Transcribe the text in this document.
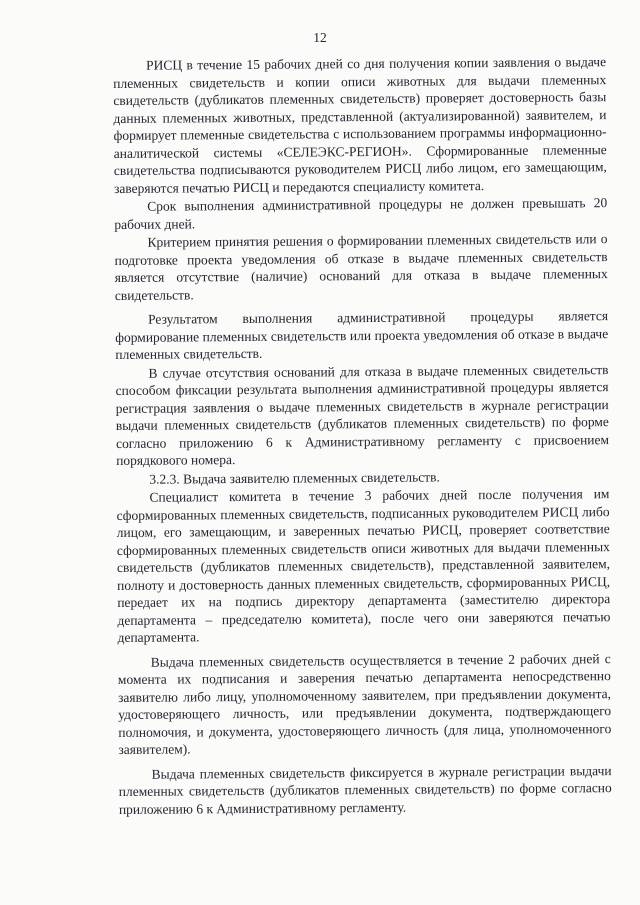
12

РИСЦ в течение 15 рабочих дней со дня получения копии заявления о выдаче племенных свидетельств и копии описи животных для выдачи племенных свидетельств (дубликатов племенных свидетельств) проверяет достоверность базы данных племенных животных, представленной (актуализированной) заявителем, и формирует племенные свидетельства с использованием программы информационно-аналитической системы «СЕЛЕЭКС-РЕГИОН». Сформированные племенные свидетельства подписываются руководителем РИСЦ либо лицом, его замещающим, заверяются печатью РИСЦ и передаются специалисту комитета.

Срок выполнения административной процедуры не должен превышать 20 рабочих дней.

Критерием принятия решения о формировании племенных свидетельств или о подготовке проекта уведомления об отказе в выдаче племенных свидетельств является отсутствие (наличие) оснований для отказа в выдаче племенных свидетельств.

Результатом выполнения административной процедуры является формирование племенных свидетельств или проекта уведомления об отказе в выдаче племенных свидетельств.

В случае отсутствия оснований для отказа в выдаче племенных свидетельств способом фиксации результата выполнения административной процедуры является регистрация заявления о выдаче племенных свидетельств в журнале регистрации выдачи племенных свидетельств (дубликатов племенных свидетельств) по форме согласно приложению 6 к Административному регламенту с присвоением порядкового номера.

3.2.3. Выдача заявителю племенных свидетельств.

Специалист комитета в течение 3 рабочих дней после получения им сформированных племенных свидетельств, подписанных руководителем РИСЦ либо лицом, его замещающим, и заверенных печатью РИСЦ, проверяет соответствие сформированных племенных свидетельств описи животных для выдачи племенных свидетельств (дубликатов племенных свидетельств), представленной заявителем, полноту и достоверность данных племенных свидетельств, сформированных РИСЦ, передает их на подпись директору департамента (заместителю директора департамента – председателю комитета), после чего они заверяются печатью департамента.

Выдача племенных свидетельств осуществляется в течение 2 рабочих дней с момента их подписания и заверения печатью департамента непосредственно заявителю либо лицу, уполномоченному заявителем, при предъявлении документа, удостоверяющего личность, или предъявлении документа, подтверждающего полномочия, и документа, удостоверяющего личность (для лица, уполномоченного заявителем).

Выдача племенных свидетельств фиксируется в журнале регистрации выдачи племенных свидетельств (дубликатов племенных свидетельств) по форме согласно приложению 6 к Административному регламенту.
